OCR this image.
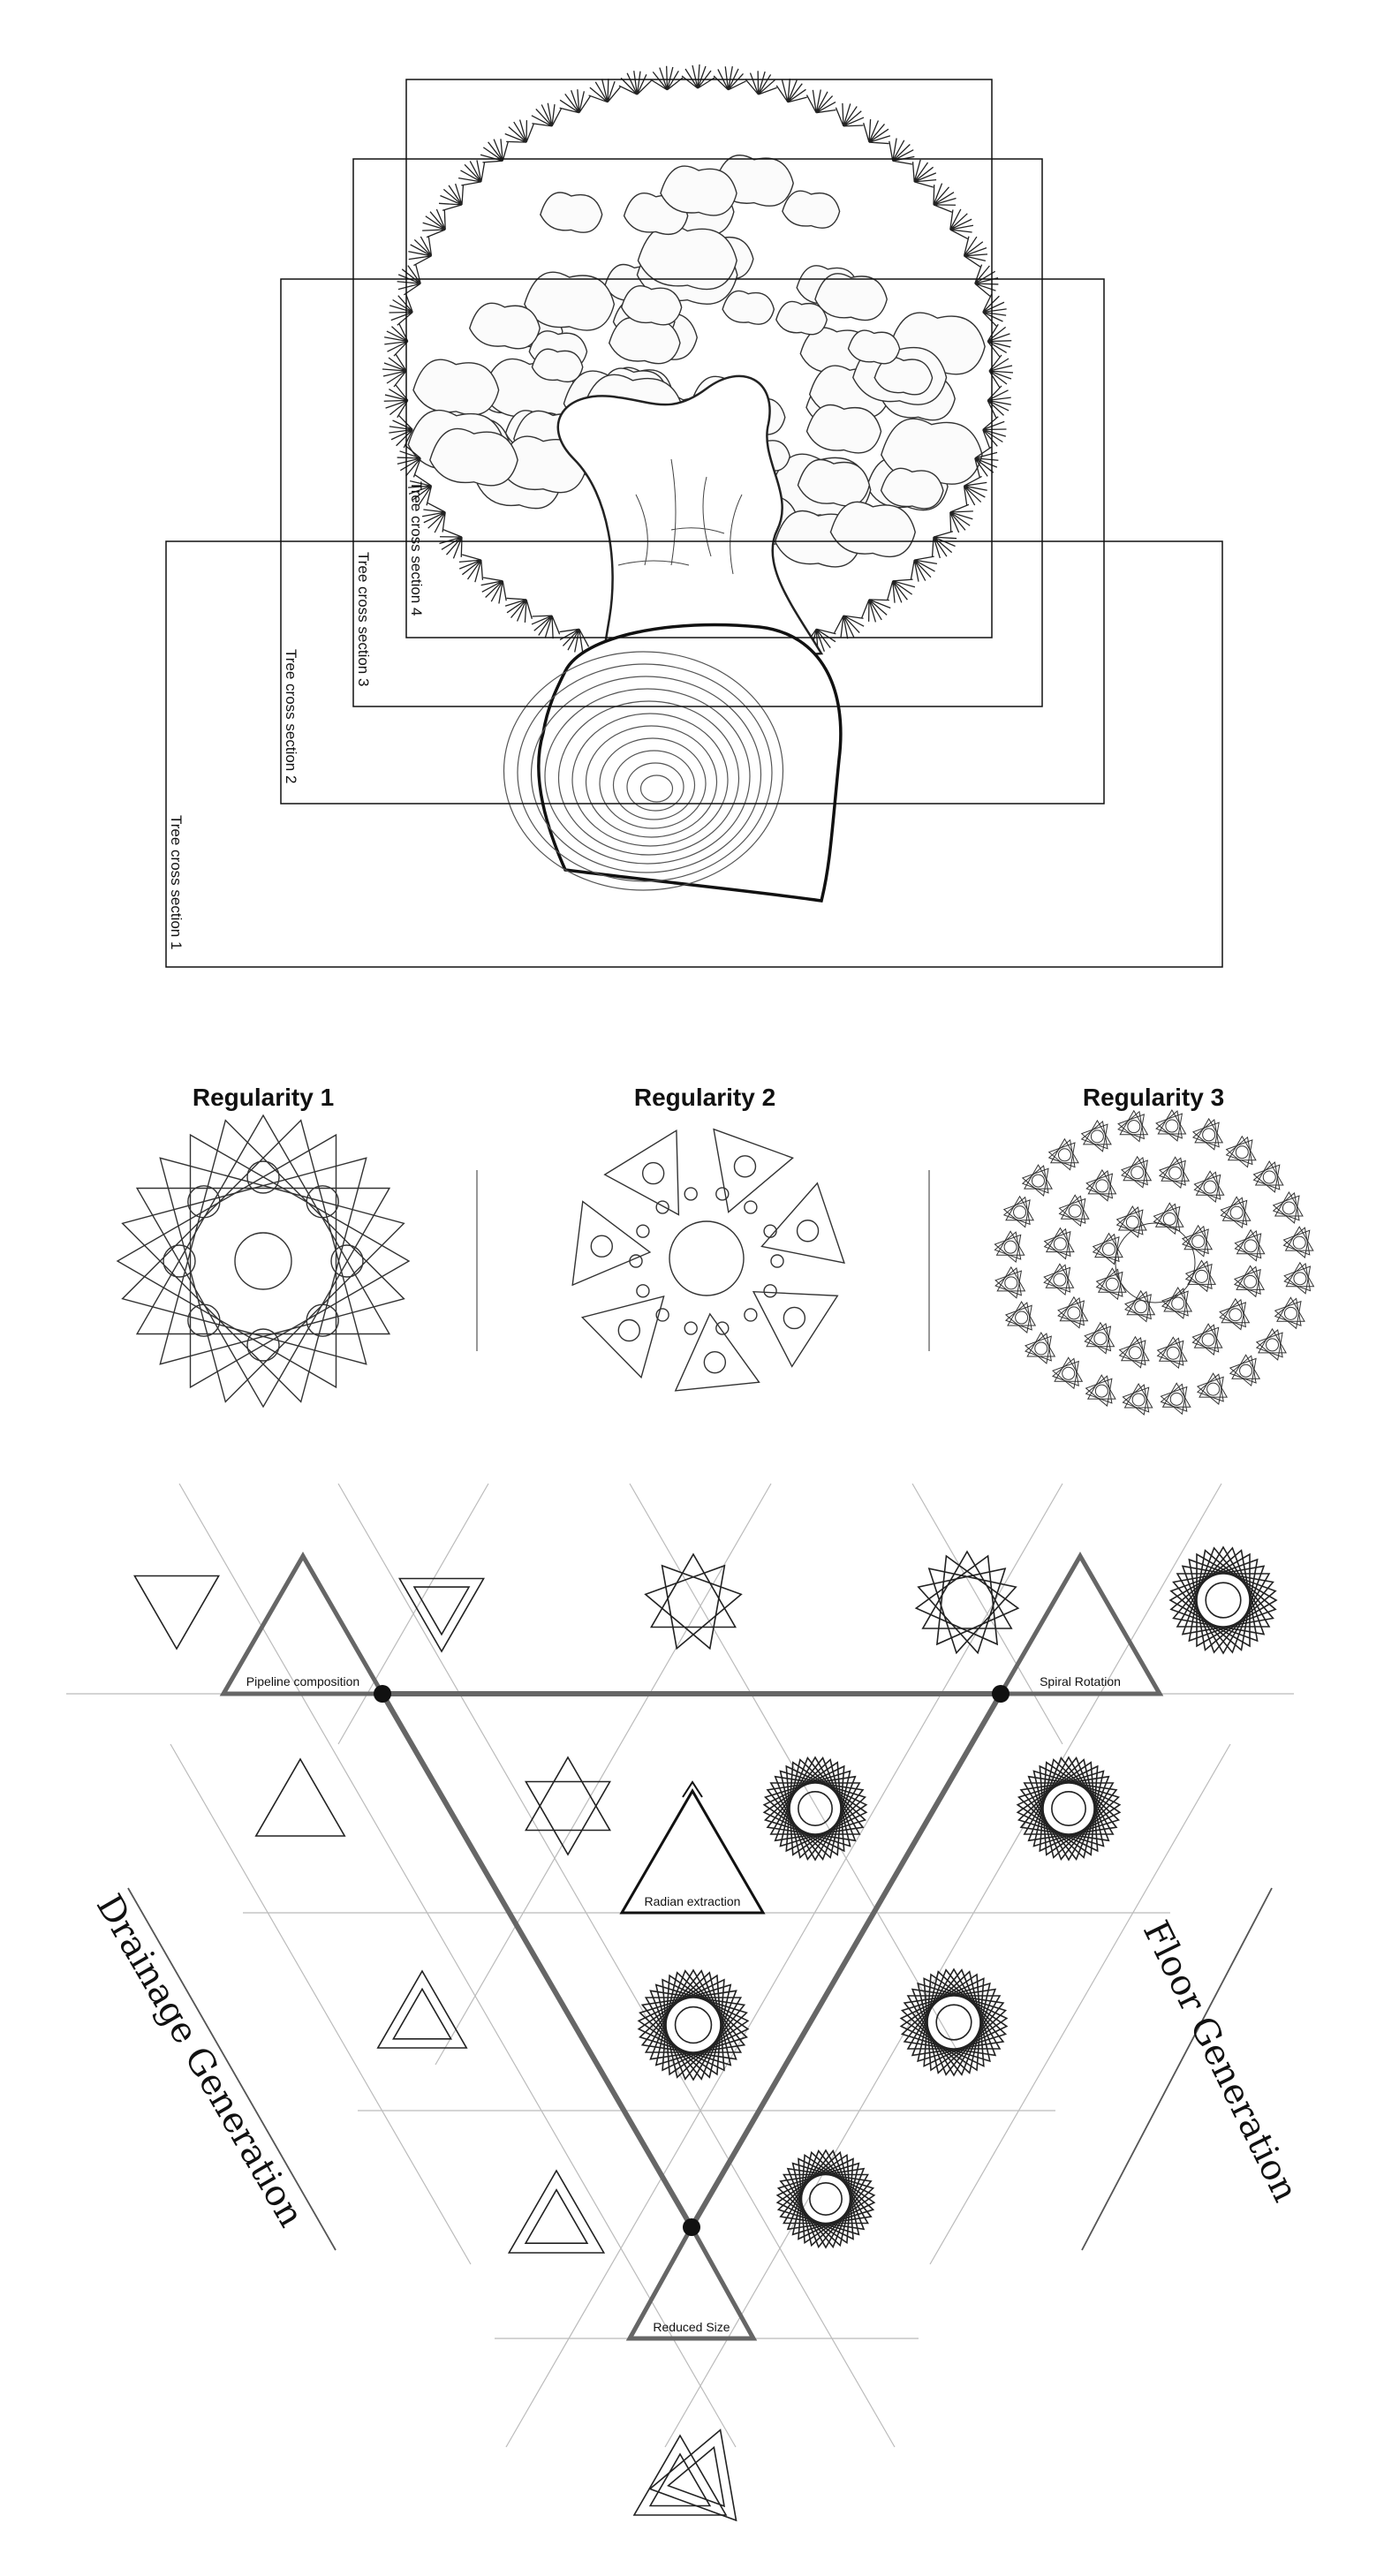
Tree cross section 4
Tree cross section 3
Tree cross section 2
Tree cross section 1
Regularity 1	Regularity 2	Regularity 3
Pipeline composition	Spiral Rotation
Radian extraction
Reduced Size
Drainage Generation	Floor Generation
